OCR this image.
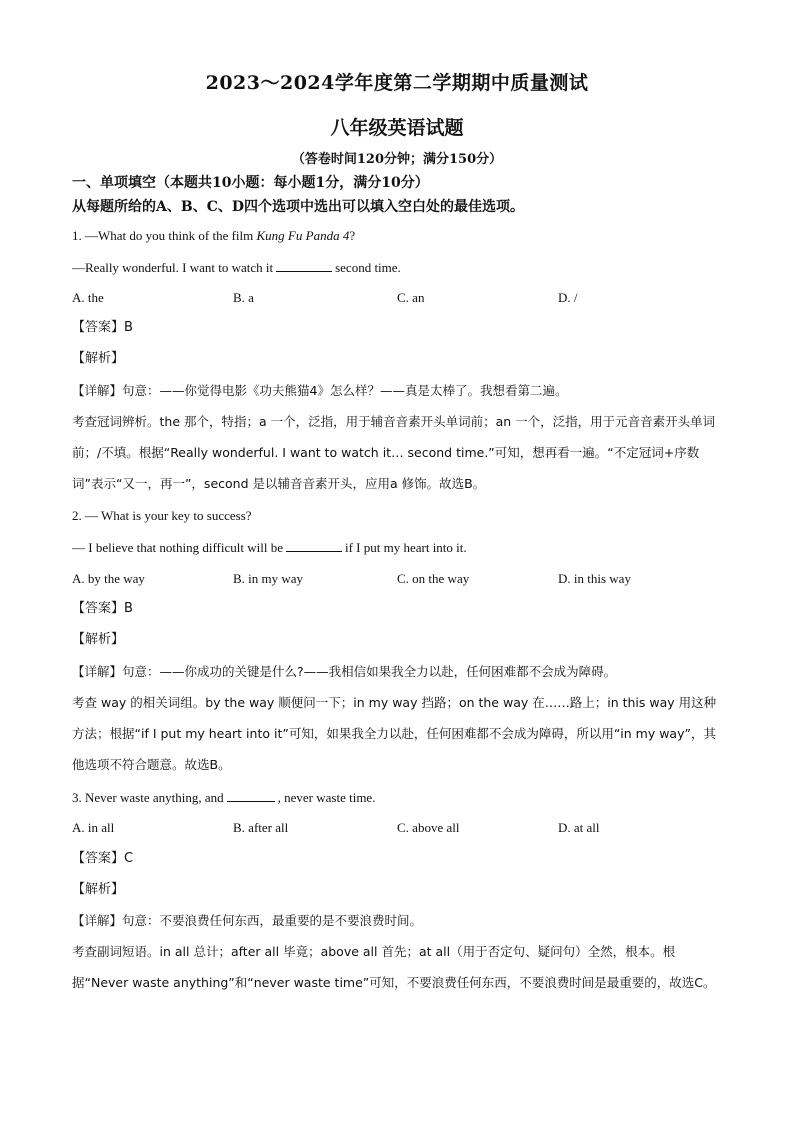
2023～2024学年度第二学期期中质量测试
八年级英语试题
（答卷时间120分钟；满分150分）
一、单项填空（本题共10小题：每小题1分，满分10分）
从每题所给的A、B、C、D四个选项中选出可以填入空白处的最佳选项。
1. —What do you think of the film Kung Fu Panda 4?
—Really wonderful. I want to watch it	second time.
A. the	B. a	C. an	D. /
【答案】B
【解析】
【详解】句意：——你觉得电影《功夫熊猫4》怎么样？——真是太棒了。我想看第二遍。
考查冠词辨析。the 那个，特指；a 一个，泛指，用于辅音音素开头单词前；an 一个，泛指，用于元音音素开头单词前；/不填。根据“Really wonderful. I want to watch it… second time.”可知，想再看一遍。“不定冠词+序数词”表示“又一，再一”，second 是以辅音音素开头，应用a 修饰。故选B。
2. — What is your key to success?
— I believe that nothing difficult will be	if I put my heart into it.
A. by the way	B. in my way	C. on the way	D. in this way
【答案】B
【解析】
【详解】句意：——你成功的关键是什么?——我相信如果我全力以赴，任何困难都不会成为障碍。
考查 way 的相关词组。by the way 顺便问一下；in my way 挡路；on the way 在……路上；in this way 用这种方法；根据“if I put my heart into it”可知，如果我全力以赴，任何困难都不会成为障碍，所以用“in my way”，其他选项不符合题意。故选B。
3. Never waste anything, and	, never waste time.
A. in all	B. after all	C. above all	D. at all
【答案】C
【解析】
【详解】句意：不要浪费任何东西，最重要的是不要浪费时间。
考查副词短语。in all 总计；after all 毕竟；above all 首先；at all（用于否定句、疑问句）全然，根本。根据“Never waste anything”和“never waste time”可知，不要浪费任何东西，不要浪费时间是最重要的，故选C。
